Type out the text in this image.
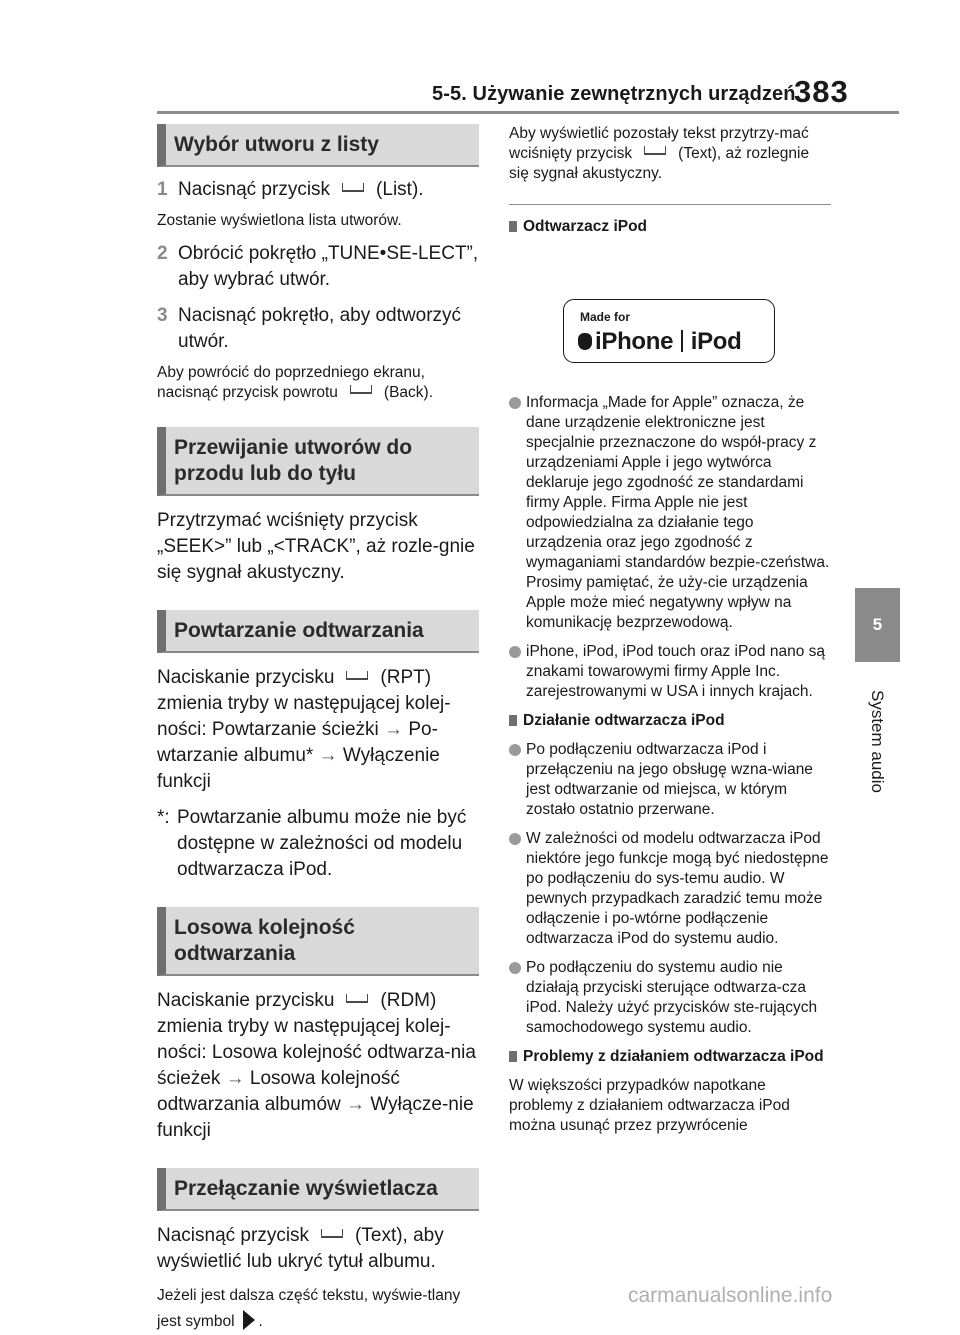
5-5. Używanie zewnętrznych urządzeń
383
5
System audio
Wybór utworu z listy
1 Nacisnąć przycisk (List).
Zostanie wyświetlona lista utworów.
2 Obrócić pokrętło „TUNE•SE-LECT”, aby wybrać utwór.
3 Nacisnąć pokrętło, aby odtworzyć utwór.
Aby powrócić do poprzedniego ekranu, nacisnąć przycisk powrotu	(Back).
Przewijanie utworów do przodu lub do tyłu
Przytrzymać wciśnięty przycisk „SEEK>” lub „<TRACK”, aż rozle-gnie się sygnał akustyczny.
Powtarzanie odtwarzania
Naciskanie przycisku (RPT) zmienia tryby w następującej kolej-ności: Powtarzanie ścieżki → Po-wtarzanie albumu* → Wyłączenie funkcji
*: Powtarzanie albumu może nie być dostępne w zależności od modelu odtwarzacza iPod.
Losowa kolejność odtwarzania
Naciskanie przycisku (RDM) zmienia tryby w następującej kolej-ności: Losowa kolejność odtwarza-nia ścieżek → Losowa kolejność odtwarzania albumów → Wyłącze-nie funkcji
Przełączanie wyświetlacza
Nacisnąć przycisk (Text), aby wyświetlić lub ukryć tytuł albumu.
Jeżeli jest dalsza część tekstu, wyświe-tlany jest symbol .
Aby wyświetlić pozostały tekst przytrzy-mać wciśnięty przycisk	(Text), aż rozlegnie się sygnał akustyczny.
Odtwarzacz iPod
Made for
iPhone iPod
Informacja „Made for Apple” oznacza, że dane urządzenie elektroniczne jest specjalnie przeznaczone do współ-pracy z urządzeniami Apple i jego wytwórca deklaruje jego zgodność ze standardami firmy Apple. Firma Apple nie jest odpowiedzialna za działanie tego urządzenia oraz jego zgodność z wymaganiami standardów bezpie-czeństwa. Prosimy pamiętać, że uży-cie urządzenia Apple może mieć negatywny wpływ na komunikację bezprzewodową.
iPhone, iPod, iPod touch oraz iPod nano są znakami towarowymi firmy Apple Inc. zarejestrowanymi w USA i innych krajach.
Działanie odtwarzacza iPod
Po podłączeniu odtwarzacza iPod i przełączeniu na jego obsługę wzna-wiane jest odtwarzanie od miejsca, w którym zostało ostatnio przerwane.
W zależności od modelu odtwarzacza iPod niektóre jego funkcje mogą być niedostępne po podłączeniu do sys-temu audio. W pewnych przypadkach zaradzić temu może odłączenie i po-wtórne podłączenie odtwarzacza iPod do systemu audio.
Po podłączeniu do systemu audio nie działają przyciski sterujące odtwarza-cza iPod. Należy użyć przycisków ste-rujących samochodowego systemu audio.
Problemy z działaniem odtwarzacza iPod
W większości przypadków napotkane problemy z działaniem odtwarzacza iPod można usunąć przez przywrócenie
carmanualsonline.info
